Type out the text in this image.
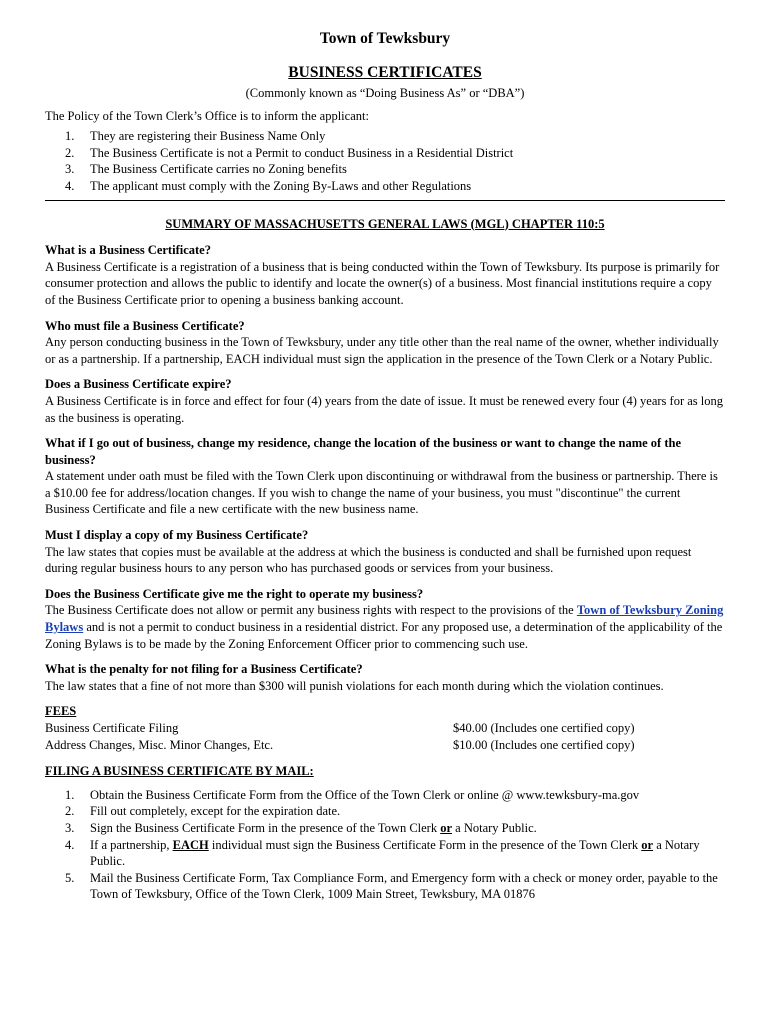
Town of Tewksbury

BUSINESS CERTIFICATES

(Commonly known as “Doing Business As” or “DBA”)

The Policy of the Town Clerk’s Office is to inform the applicant:

1. They are registering their Business Name Only
2. The Business Certificate is not a Permit to conduct Business in a Residential District
3. The Business Certificate carries no Zoning benefits
4. The applicant must comply with the Zoning By-Laws and other Regulations

SUMMARY OF MASSACHUSETTS GENERAL LAWS (MGL) CHAPTER 110:5

What is a Business Certificate?

A Business Certificate is a registration of a business that is being conducted within the Town of Tewksbury. Its purpose is primarily for consumer protection and allows the public to identify and locate the owner(s) of a business. Most financial institutions require a copy of the Business Certificate prior to opening a business banking account.

Who must file a Business Certificate?

Any person conducting business in the Town of Tewksbury, under any title other than the real name of the owner, whether individually or as a partnership. If a partnership, EACH individual must sign the application in the presence of the Town Clerk or a Notary Public.

Does a Business Certificate expire?

A Business Certificate is in force and effect for four (4) years from the date of issue. It must be renewed every four (4) years for as long as the business is operating.

What if I go out of business, change my residence, change the location of the business or want to change the name of the business?

A statement under oath must be filed with the Town Clerk upon discontinuing or withdrawal from the business or partnership. There is a $10.00 fee for address/location changes. If you wish to change the name of your business, you must "discontinue" the current Business Certificate and file a new certificate with the new business name.

Must I display a copy of my Business Certificate?

The law states that copies must be available at the address at which the business is conducted and shall be furnished upon request during regular business hours to any person who has purchased goods or services from your business.

Does the Business Certificate give me the right to operate my business?

The Business Certificate does not allow or permit any business rights with respect to the provisions of the Town of Tewksbury Zoning Bylaws and is not a permit to conduct business in a residential district. For any proposed use, a determination of the applicability of the Zoning Bylaws is to be made by the Zoning Enforcement Officer prior to commencing such use.

What is the penalty for not filing for a Business Certificate?

The law states that a fine of not more than $300 will punish violations for each month during which the violation continues.

FEES

Business Certificate Filing	$40.00 (Includes one certified copy)
Address Changes, Misc. Minor Changes, Etc.	$10.00 (Includes one certified copy)

FILING A BUSINESS CERTIFICATE BY MAIL:

1. Obtain the Business Certificate Form from the Office of the Town Clerk or online @ www.tewksbury-ma.gov
2. Fill out completely, except for the expiration date.
3. Sign the Business Certificate Form in the presence of the Town Clerk or a Notary Public.
4. If a partnership, EACH individual must sign the Business Certificate Form in the presence of the Town Clerk or a Notary Public.
5. Mail the Business Certificate Form, Tax Compliance Form, and Emergency form with a check or money order, payable to the Town of Tewksbury, Office of the Town Clerk, 1009 Main Street, Tewksbury, MA 01876
